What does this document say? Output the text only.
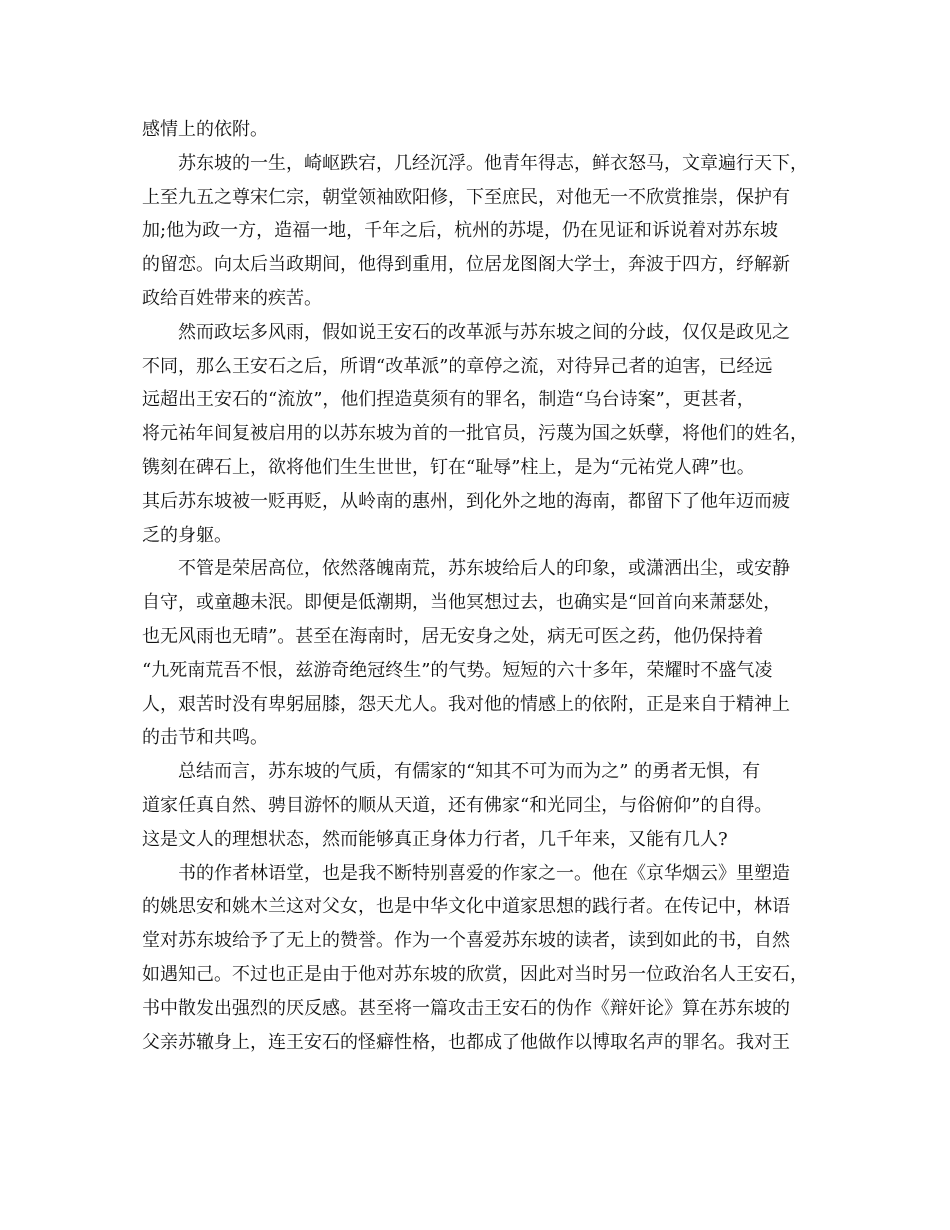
感情上的依附。
苏东坡的一生，崎岖跌宕，几经沉浮。他青年得志，鲜衣怒马，文章遍行天下，
上至九五之尊宋仁宗，朝堂领袖欧阳修，下至庶民，对他无一不欣赏推崇，保护有
加;他为政一方，造福一地，千年之后，杭州的苏堤，仍在见证和诉说着对苏东坡
的留恋。向太后当政期间，他得到重用，位居龙图阁大学士，奔波于四方，纾解新
政给百姓带来的疾苦。
然而政坛多风雨，假如说王安石的改革派与苏东坡之间的分歧，仅仅是政见之
不同，那么王安石之后，所谓“改革派”的章停之流，对待异己者的迫害，已经远
远超出王安石的“流放”，他们捏造莫须有的罪名，制造“乌台诗案”，更甚者，
将元祐年间复被启用的以苏东坡为首的一批官员，污蔑为国之妖孽，将他们的姓名，
镌刻在碑石上，欲将他们生生世世，钉在“耻辱”柱上，是为“元祐党人碑”也。
其后苏东坡被一贬再贬，从岭南的惠州，到化外之地的海南，都留下了他年迈而疲
乏的身躯。
不管是荣居高位，依然落魄南荒，苏东坡给后人的印象，或潇洒出尘，或安静
自守，或童趣未泯。即便是低潮期，当他冥想过去，也确实是“回首向来萧瑟处，
也无风雨也无晴”。甚至在海南时，居无安身之处，病无可医之药，他仍保持着
“九死南荒吾不恨，兹游奇绝冠终生”的气势。短短的六十多年，荣耀时不盛气凌
人，艰苦时没有卑躬屈膝，怨天尤人。我对他的情感上的依附，正是来自于精神上
的击节和共鸣。
总结而言，苏东坡的气质，有儒家的“知其不可为而为之” 的勇者无惧，有
道家任真自然、骋目游怀的顺从天道，还有佛家“和光同尘，与俗俯仰”的自得。
这是文人的理想状态，然而能够真正身体力行者，几千年来，又能有几人?
书的作者林语堂，也是我不断特别喜爱的作家之一。他在《京华烟云》里塑造
的姚思安和姚木兰这对父女，也是中华文化中道家思想的践行者。在传记中，林语
堂对苏东坡给予了无上的赞誉。作为一个喜爱苏东坡的读者，读到如此的书，自然
如遇知己。不过也正是由于他对苏东坡的欣赏，因此对当时另一位政治名人王安石，
书中散发出强烈的厌反感。甚至将一篇攻击王安石的伪作《辩奸论》算在苏东坡的
父亲苏辙身上，连王安石的怪癖性格，也都成了他做作以博取名声的罪名。我对王
